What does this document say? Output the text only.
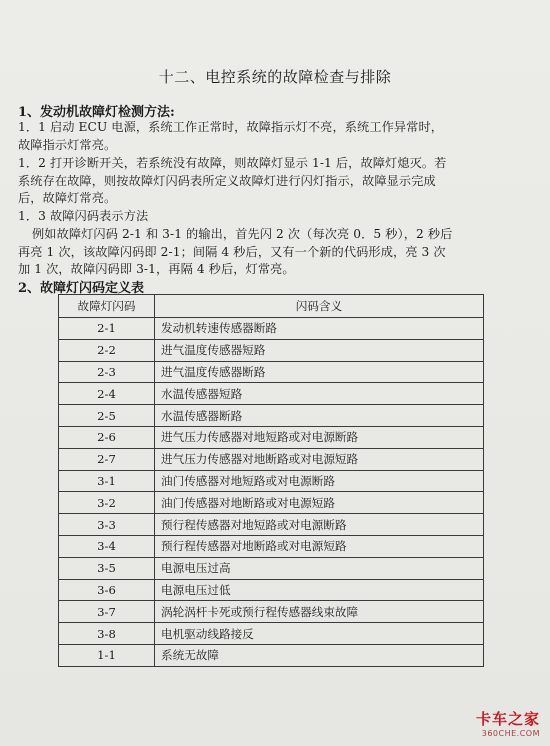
十二、电控系统的故障检查与排除
1、发动机故障灯检测方法:
1．1 启动 ECU 电源，系统工作正常时，故障指示灯不亮，系统工作异常时，
故障指示灯常亮。
1．2 打开诊断开关，若系统没有故障，则故障灯显示 1-1 后，故障灯熄灭。若
系统存在故障，则按故障灯闪码表所定义故障灯进行闪灯指示，故障显示完成
后，故障灯常亮。
1．3 故障闪码表示方法
例如故障灯闪码 2-1 和 3-1 的输出，首先闪 2 次（每次亮 0．5 秒），2 秒后
再亮 1 次，该故障闪码即 2-1；间隔 4 秒后，又有一个新的代码形成，亮 3 次
加 1 次，故障闪码即 3-1，再隔 4 秒后，灯常亮。
2、故障灯闪码定义表
故障灯闪码	闪码含义
2-1	发动机转速传感器断路
2-2	进气温度传感器短路
2-3	进气温度传感器断路
2-4	水温传感器短路
2-5	水温传感器断路
2-6	进气压力传感器对地短路或对电源断路
2-7	进气压力传感器对地断路或对电源短路
3-1	油门传感器对地短路或对电源断路
3-2	油门传感器对地断路或对电源短路
3-3	预行程传感器对地短路或对电源断路
3-4	预行程传感器对地断路或对电源短路
3-5	电源电压过高
3-6	电源电压过低
3-7	涡轮涡杆卡死或预行程传感器线束故障
3-8	电机驱动线路接反
1-1	系统无故障
卡车之家
360CHE.COM
